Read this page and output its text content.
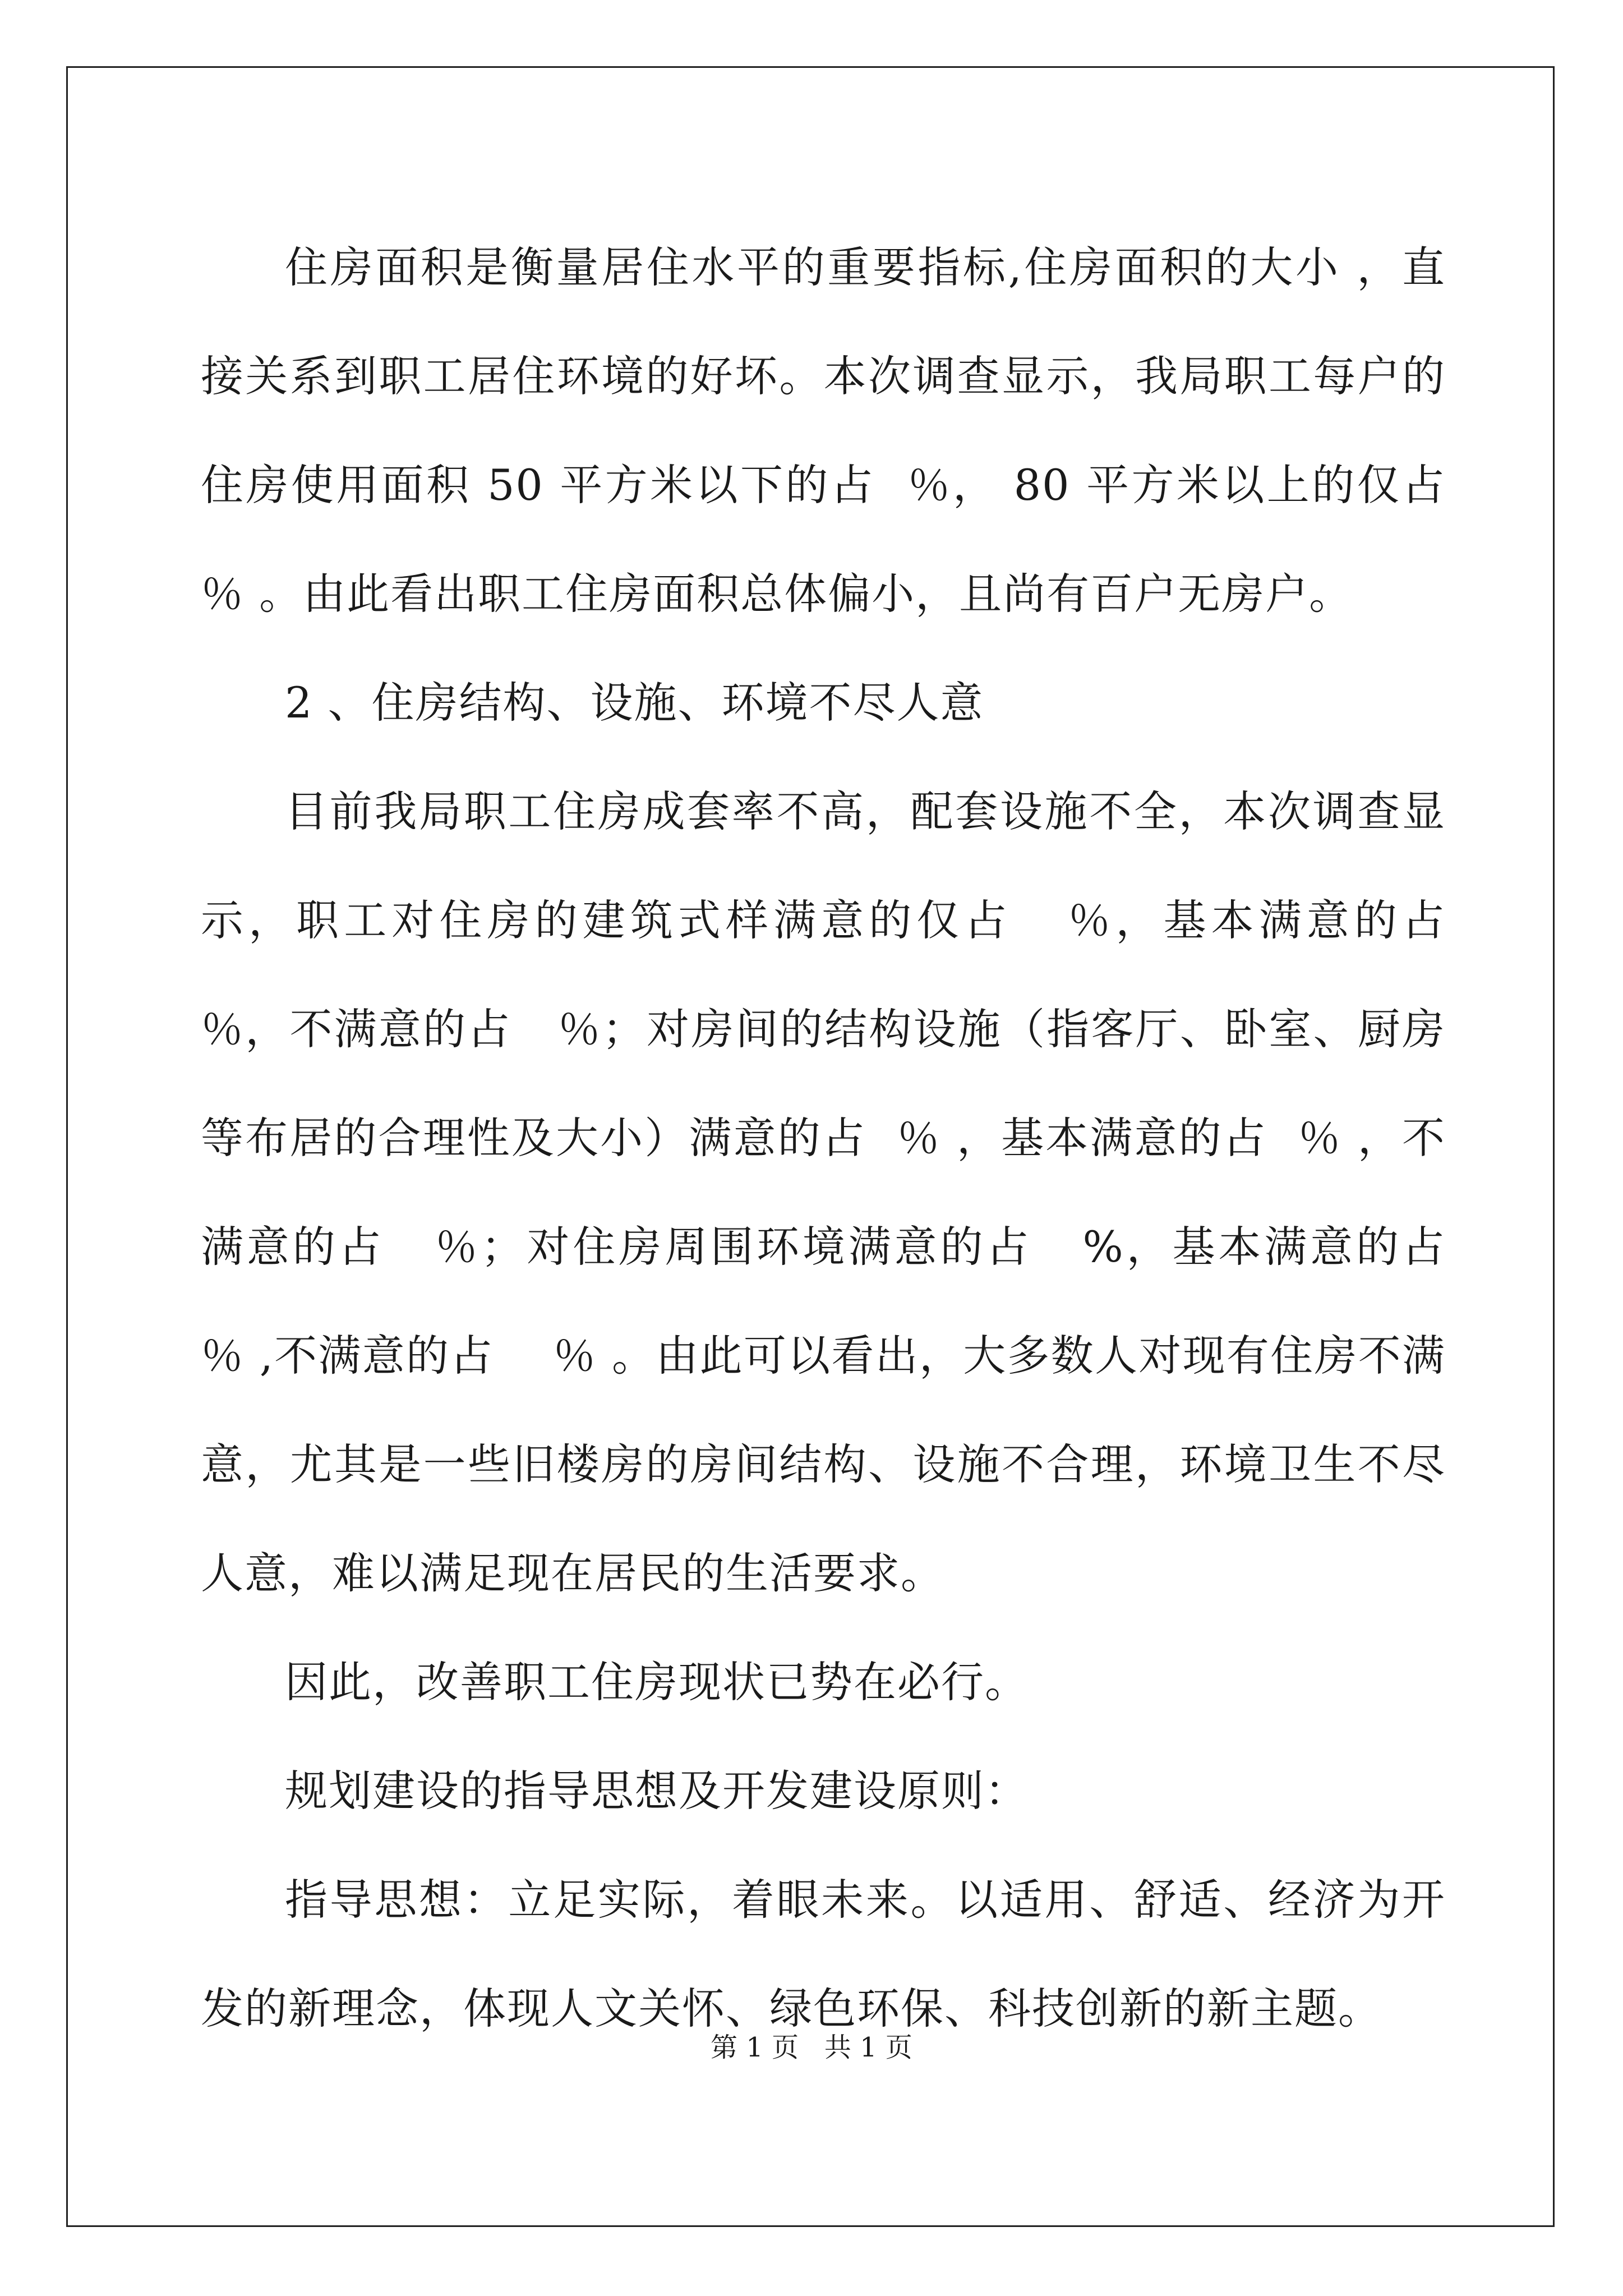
住房面积是衡量居住水平的重要指标,住房面积的大小 ，直接关系到职工居住环境的好坏。本次调查显示，我局职工每户的住房使用面积 50 平方米以下的占  ％， 80 平方米以上的仅占  ％ 。由此看出职工住房面积总体偏小，且尚有百户无房户。

2 、住房结构、设施、环境不尽人意

目前我局职工住房成套率不高，配套设施不全，本次调查显示，职工对住房的建筑式样满意的仅占   ％，基本满意的占    ％，不满意的占   ％；对房间的结构设施（指客厅、卧室、厨房等布居的合理性及大小）满意的占  ％ ，基本满意的占  ％ ，不满意的占   ％；对住房周围环境满意的占   %，基本满意的占   ％ ,不满意的占    ％ 。由此可以看出，大多数人对现有住房不满意，尤其是一些旧楼房的房间结构、设施不合理，环境卫生不尽人意，难以满足现在居民的生活要求。

因此，改善职工住房现状已势在必行。

规划建设的指导思想及开发建设原则：

指导思想：立足实际，着眼未来。以适用、舒适、经济为开发的新理念，体现人文关怀、绿色环保、科技创新的新主题。

第 1 页   共 1 页
